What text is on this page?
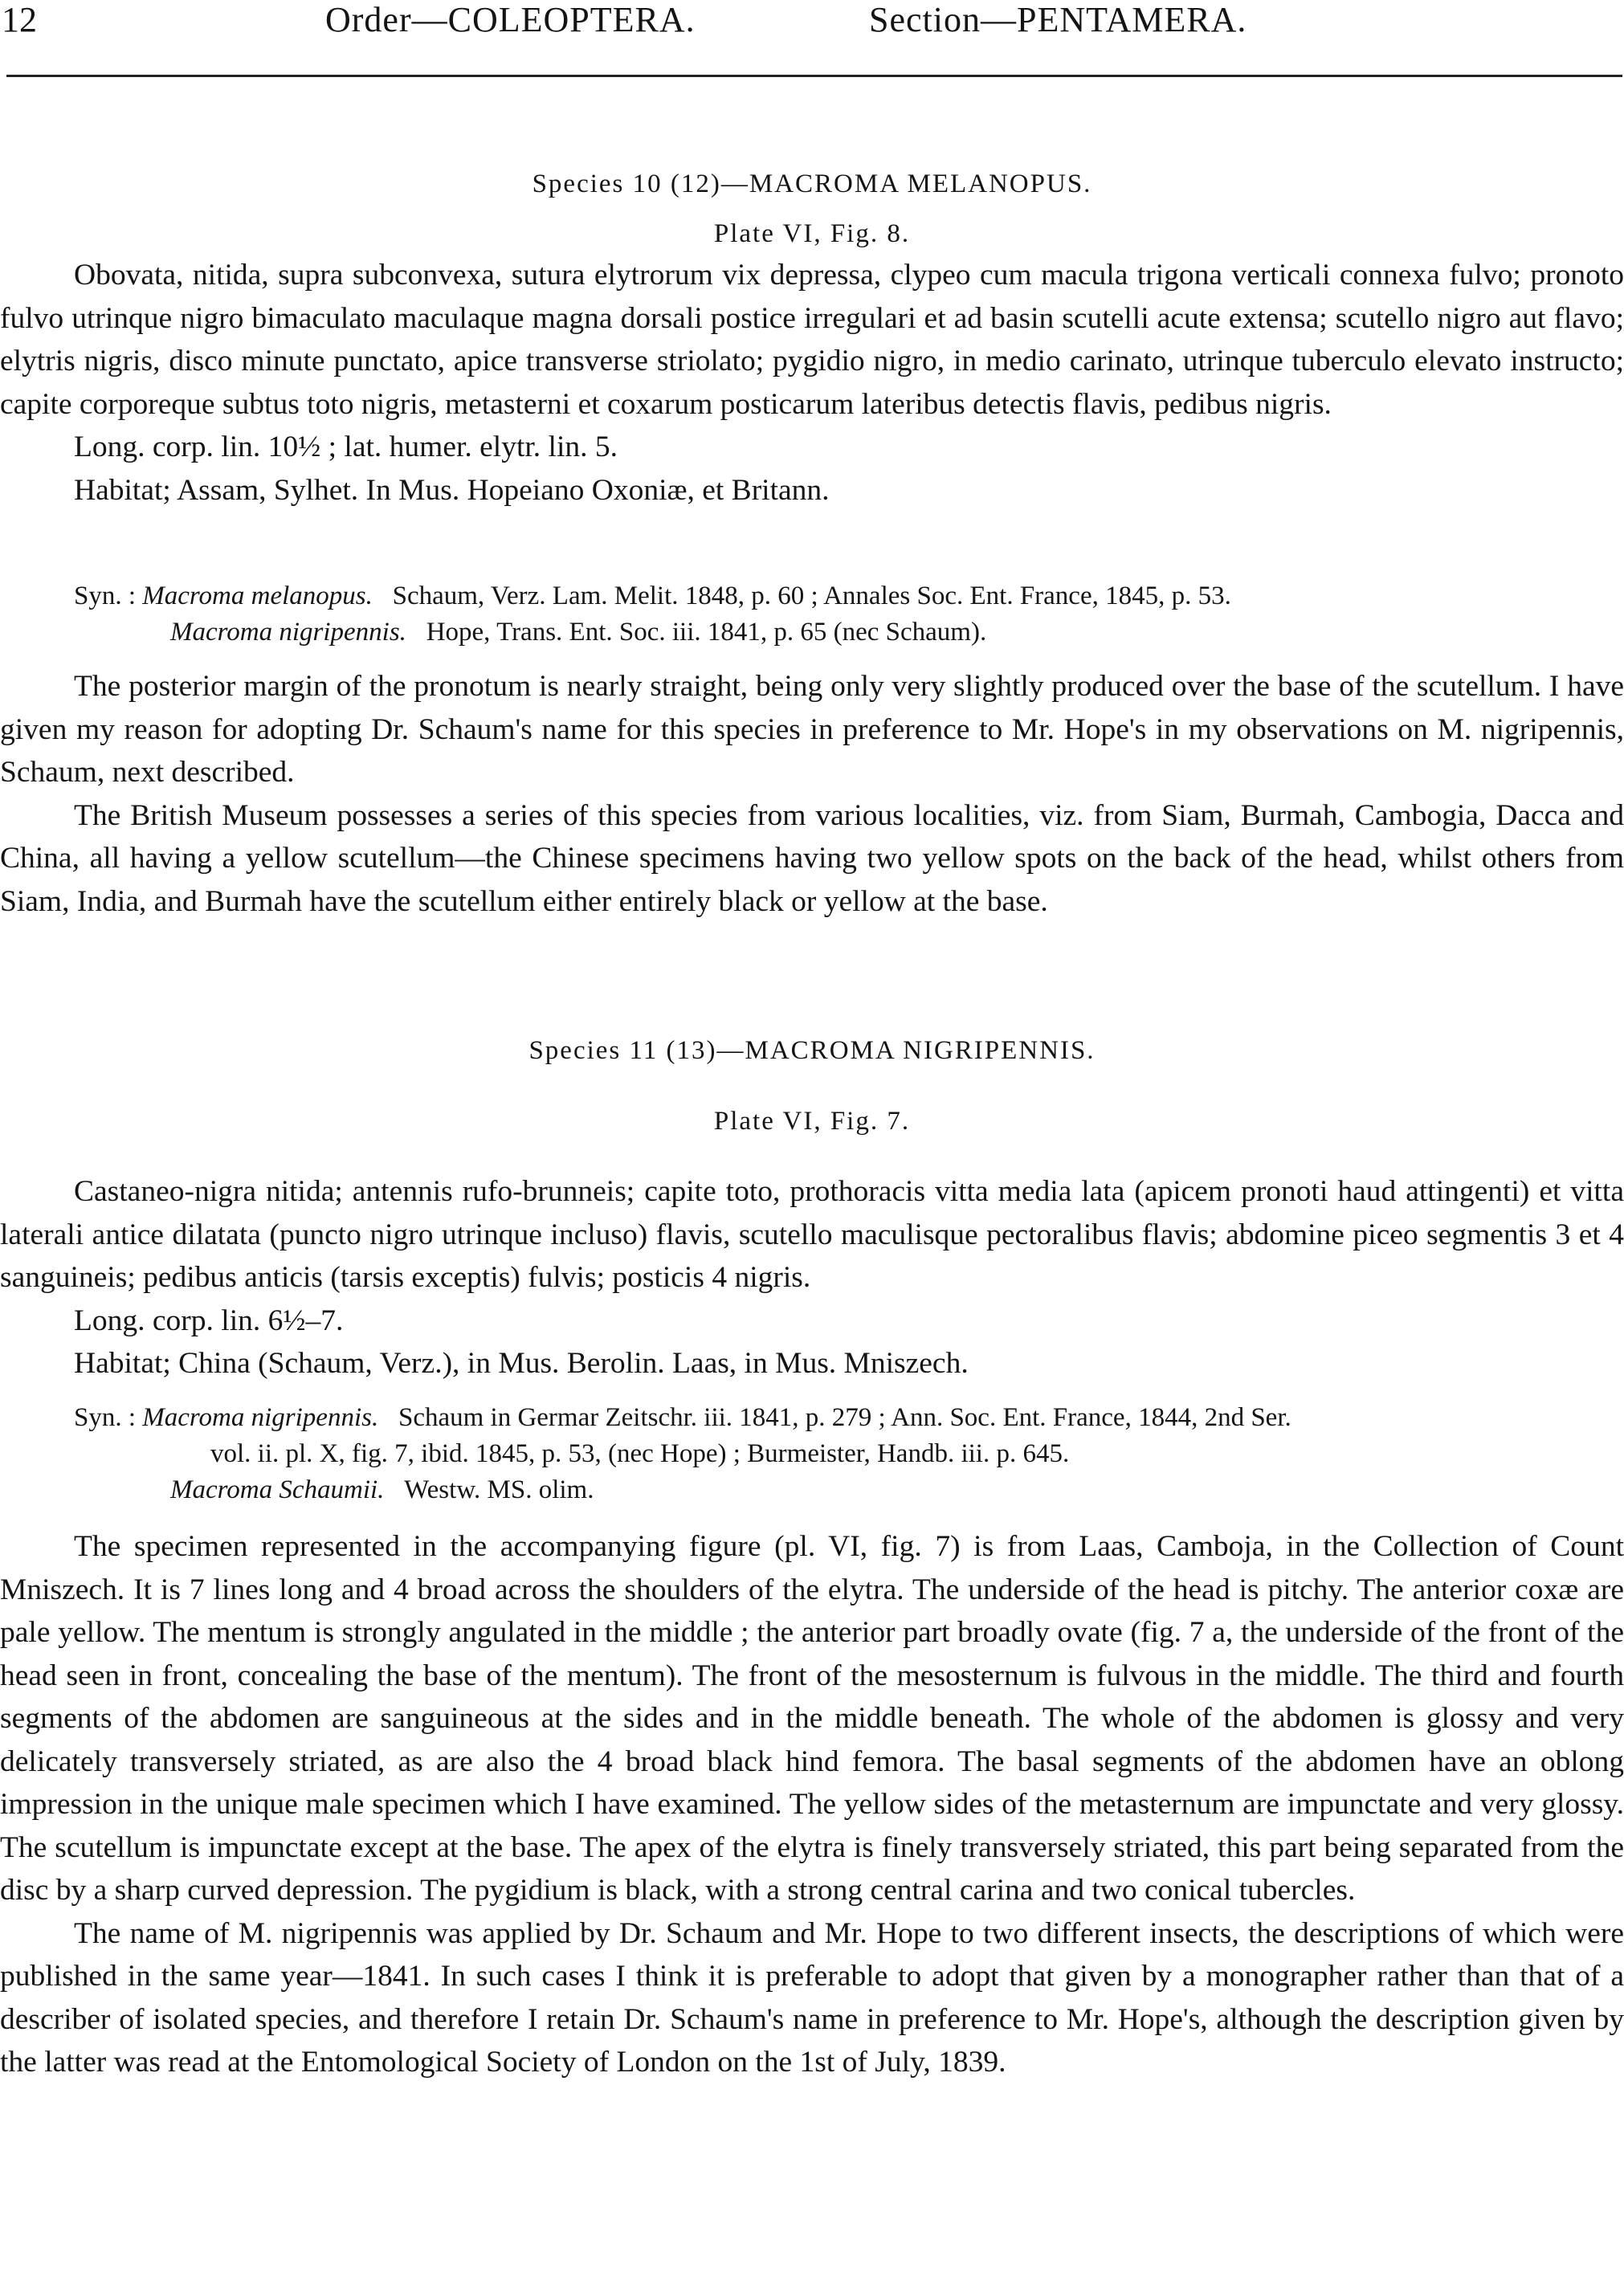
12	Order—COLEOPTERA.	Section—PENTAMERA.
Species 10 (12)—MACROMA MELANOPUS.
Plate VI, Fig. 8.

Obovata, nitida, supra subconvexa, sutura elytrorum vix depressa, clypeo cum macula trigona verticali connexa fulvo; pronoto fulvo utrinque nigro bimaculato maculaque magna dorsali postice irregulari et ad basin scutelli acute extensa; scutello nigro aut flavo; elytris nigris, disco minute punctato, apice transverse striolato; pygidio nigro, in medio carinato, utrinque tuberculo elevato instructo; capite corporeque subtus toto nigris, metasterni et coxarum posticarum lateribus detectis flavis, pedibus nigris.

Long. corp. lin. 10½ ; lat. humer. elytr. lin. 5.

Habitat; Assam, Sylhet. In Mus. Hopeiano Oxoniæ, et Britann.

Syn. : Macroma melanopus. Schaum, Verz. Lam. Melit. 1848, p. 60 ; Annales Soc. Ent. France, 1845, p. 53.
Macroma nigripennis. Hope, Trans. Ent. Soc. iii. 1841, p. 65 (nec Schaum).

The posterior margin of the pronotum is nearly straight, being only very slightly produced over the base of the scutellum. I have given my reason for adopting Dr. Schaum's name for this species in preference to Mr. Hope's in my observations on M. nigripennis, Schaum, next described.

The British Museum possesses a series of this species from various localities, viz. from Siam, Burmah, Cambogia, Dacca and China, all having a yellow scutellum—the Chinese specimens having two yellow spots on the back of the head, whilst others from Siam, India, and Burmah have the scutellum either entirely black or yellow at the base.

Species 11 (13)—MACROMA NIGRIPENNIS.
Plate VI, Fig. 7.

Castaneo-nigra nitida; antennis rufo-brunneis; capite toto, prothoracis vitta media lata (apicem pronoti haud attingenti) et vitta laterali antice dilatata (puncto nigro utrinque incluso) flavis, scutello maculisque pectoralibus flavis; abdomine piceo segmentis 3 et 4 sanguineis; pedibus anticis (tarsis exceptis) fulvis; posticis 4 nigris.

Long. corp. lin. 6½–7.

Habitat; China (Schaum, Verz.), in Mus. Berolin. Laas, in Mus. Mniszech.

Syn. : Macroma nigripennis. Schaum in Germar Zeitschr. iii. 1841, p. 279 ; Ann. Soc. Ent. France, 1844, 2nd Ser.
vol. ii. pl. X, fig. 7, ibid. 1845, p. 53, (nec Hope) ; Burmeister, Handb. iii. p. 645.
Macroma Schaumii. Westw. MS. olim.

The specimen represented in the accompanying figure (pl. VI, fig. 7) is from Laas, Camboja, in the Collection of Count Mniszech. It is 7 lines long and 4 broad across the shoulders of the elytra. The underside of the head is pitchy. The anterior coxæ are pale yellow. The mentum is strongly angulated in the middle ; the anterior part broadly ovate (fig. 7 a, the underside of the front of the head seen in front, concealing the base of the mentum). The front of the mesosternum is fulvous in the middle. The third and fourth segments of the abdomen are sanguineous at the sides and in the middle beneath. The whole of the abdomen is glossy and very delicately transversely striated, as are also the 4 broad black hind femora. The basal segments of the abdomen have an oblong impression in the unique male specimen which I have examined. The yellow sides of the metasternum are impunctate and very glossy. The scutellum is impunctate except at the base. The apex of the elytra is finely transversely striated, this part being separated from the disc by a sharp curved depression. The pygidium is black, with a strong central carina and two conical tubercles.

The name of M. nigripennis was applied by Dr. Schaum and Mr. Hope to two different insects, the descriptions of which were published in the same year—1841. In such cases I think it is preferable to adopt that given by a monographer rather than that of a describer of isolated species, and therefore I retain Dr. Schaum's name in preference to Mr. Hope's, although the description given by the latter was read at the Entomological Society of London on the 1st of July, 1839.
